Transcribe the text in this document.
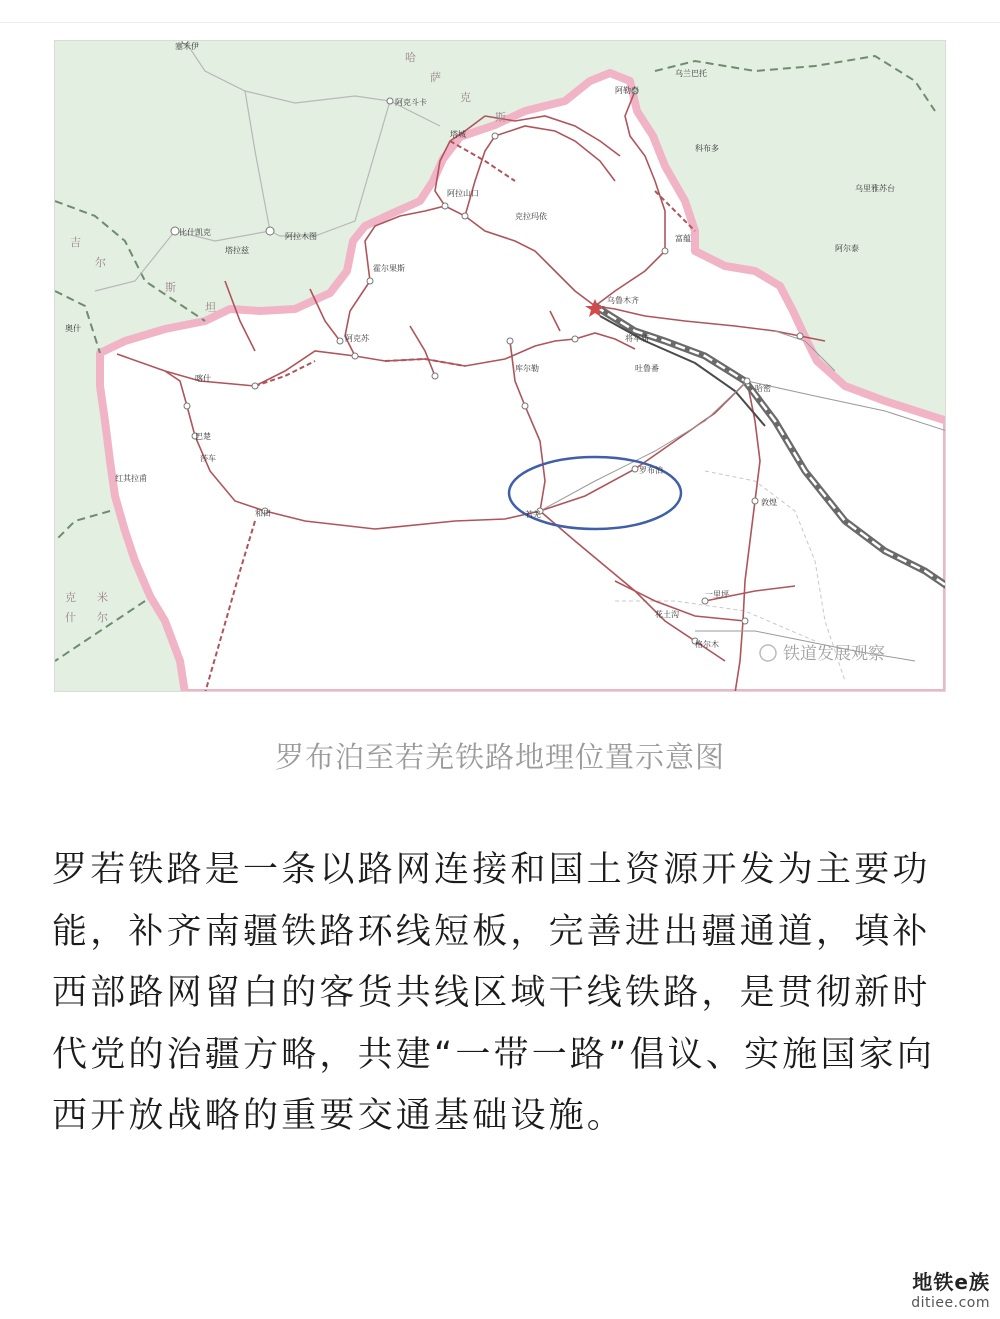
哈
萨
克
斯
吉
尔
斯
坦
克
什
米
尔
塞米伊
阿克斗卡
比什凯克	阿拉木图
塔拉兹
奥什
乌兰巴托
科布多
乌里雅苏台
阿尔泰
阿勒泰
塔城
克拉玛依
阿拉山口
霍尔果斯
乌鲁木齐
吐鲁番
哈密
库尔勒
阿克苏
喀什
和田	若羌
罗布泊
巴楚
莎车
红其拉甫
敦煌
格尔木
一里坪
花土沟
将军庙
富蕴
铁道发展观察
罗布泊至若羌铁路地理位置示意图

罗若铁路是一条以路网连接和国土资源开发为主要功能，补齐南疆铁路环线短板，完善进出疆通道，填补西部路网留白的客货共线区域干线铁路，是贯彻新时代党的治疆方略，共建“一带一路”倡议、实施国家向西开放战略的重要交通基础设施。

地铁e族
ditiee.com
